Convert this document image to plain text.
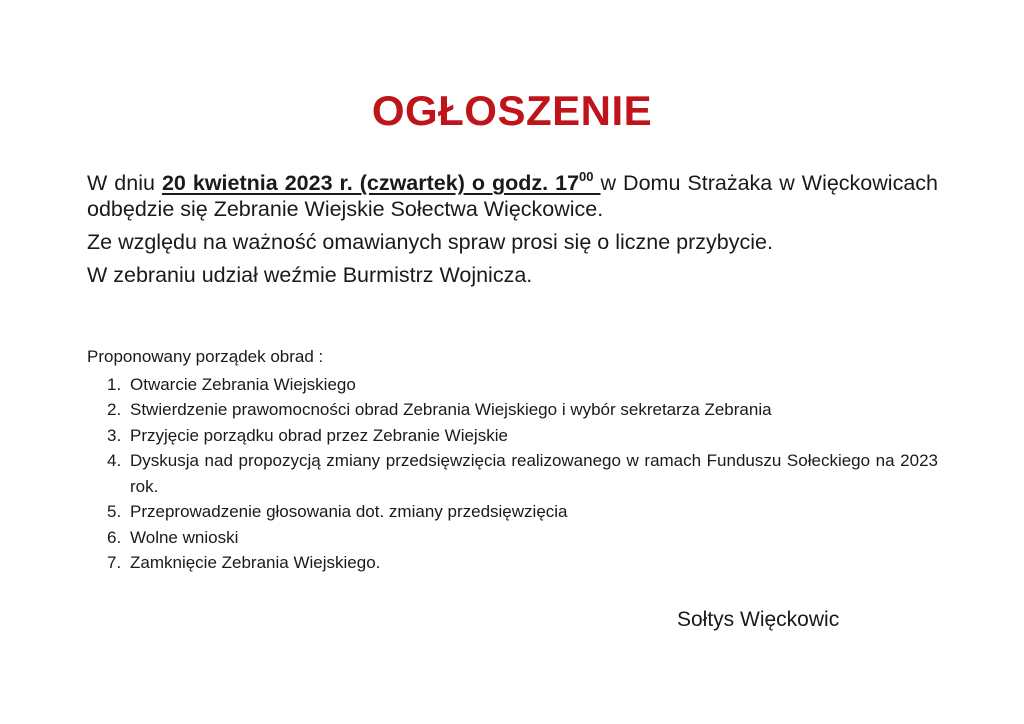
OGŁOSZENIE

W dniu 20 kwietnia 2023 r. (czwartek) o godz. $17^{00}$ w Domu Strażaka w Więckowicach odbędzie się Zebranie Wiejskie Sołectwa Więckowice.

Ze względu na ważność omawianych spraw prosi się o liczne przybycie.

W zebraniu udział weźmie Burmistrz Wojnicza.

Proponowany porządek obrad :

1. Otwarcie Zebrania Wiejskiego
2. Stwierdzenie prawomocności obrad Zebrania Wiejskiego i wybór sekretarza Zebrania
3. Przyjęcie porządku obrad przez Zebranie Wiejskie
4. Dyskusja nad propozycją zmiany przedsięwzięcia realizowanego w ramach Funduszu Sołeckiego na 2023 rok.
5. Przeprowadzenie głosowania dot. zmiany przedsięwzięcia
6. Wolne wnioski
7. Zamknięcie Zebrania Wiejskiego.
Sołtys Więckowic
